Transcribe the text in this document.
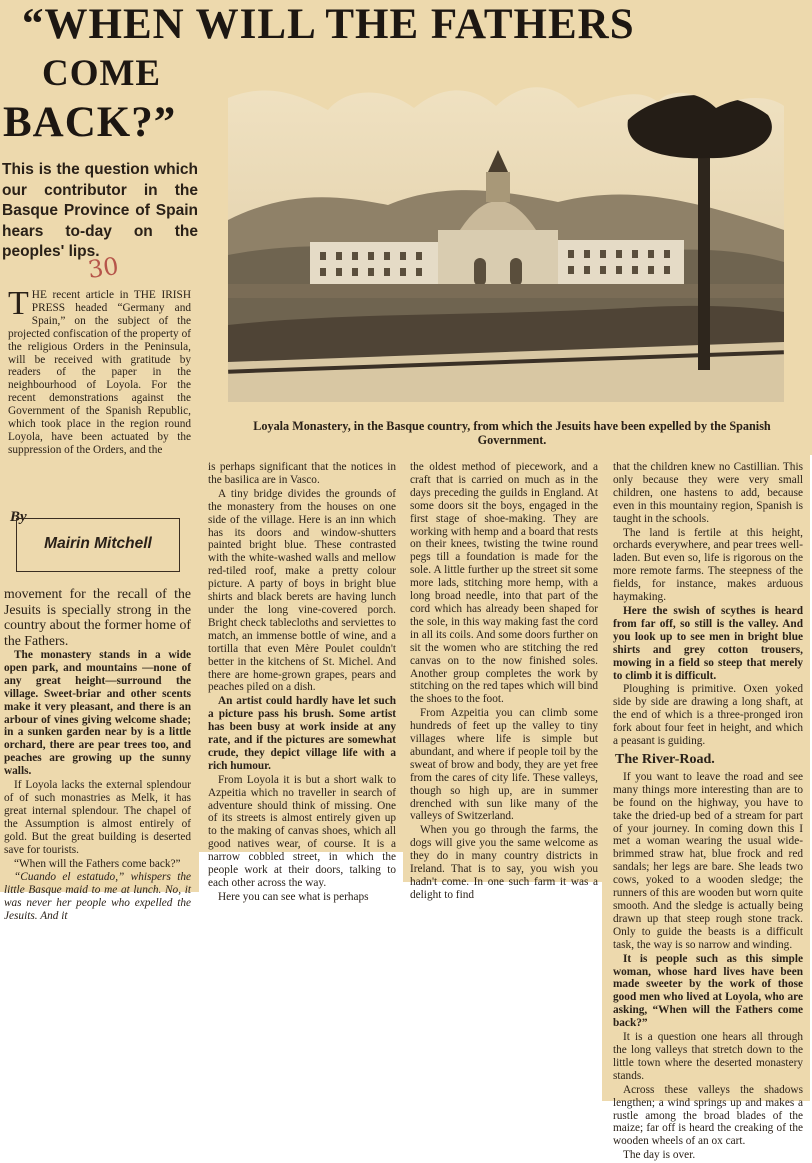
“WHEN WILL THE FATHERS
COME
BACK?”
This is the question which our contributor in the Basque Province of Spain hears to-day on the peoples' lips.
30
Loyala Monastery, in the Basque country, from which the Jesuits have been expelled by the Spanish Government.

THE recent article in THE IRISH PRESS headed “Germany and Spain,” on the subject of the projected confiscation of the property of the religious Orders in the Peninsula, will be received with gratitude by readers of the paper in the neighbourhood of Loyola. For the recent demonstrations against the Government of the Spanish Republic, which took place in the region round Loyola, have been actuated by the suppression of the Orders, and the

By
Mairin Mitchell

movement for the recall of the Jesuits is specially strong in the country about the former home of the Fathers.

The monastery stands in a wide open park, and mountains —none of any great height—surround the village. Sweet-briar and other scents make it very pleasant, and there is an arbour of vines giving welcome shade; in a sunken garden near by is a little orchard, there are pear trees too, and peaches are growing up the sunny walls.

If Loyola lacks the external splendour of of such monastries as Melk, it has great internal splendour. The chapel of the Assumption is almost entirely of gold. But the great building is deserted save for tourists.

“When will the Fathers come back?”

“Cuando el estatudo,” whispers the little Basque maid to me at lunch. No, it was never her people who expelled the Jesuits. And it

is perhaps significant that the notices in the basilica are in Vasco.

A tiny bridge divides the grounds of the monastery from the houses on one side of the village. Here is an inn which has its doors and window-shutters painted bright blue. These contrasted with the white-washed walls and mellow red-tiled roof, make a pretty colour picture. A party of boys in bright blue shirts and black berets are having lunch under the long vine-covered porch. Bright check tablecloths and serviettes to match, an immense bottle of wine, and a tortilla that even Mère Poulet couldn't better in the kitchens of St. Michel. And there are home-grown grapes, pears and peaches piled on a dish.

An artist could hardly have let such a picture pass his brush. Some artist has been busy at work inside at any rate, and if the pictures are somewhat crude, they depict village life with a rich humour.

From Loyola it is but a short walk to Azpeitia which no traveller in search of adventure should think of missing. One of its streets is almost entirely given up to the making of canvas shoes, which all good natives wear, of course. It is a narrow cobbled street, in which the people work at their doors, talking to each other across the way.

Here you can see what is perhaps

the oldest method of piecework, and a craft that is carried on much as in the days preceding the guilds in England. At some doors sit the boys, engaged in the first stage of shoe-making. They are working with hemp and a board that rests on their knees, twisting the twine round pegs till a foundation is made for the sole. A little further up the street sit some more lads, stitching more hemp, with a long broad needle, into that part of the cord which has already been shaped for the sole, in this way making fast the cord in all its coils. And some doors further on sit the women who are stitching the red canvas on to the now finished soles. Another group completes the work by stitching on the red tapes which will bind the shoes to the foot.

From Azpeitia you can climb some hundreds of feet up the valley to tiny villages where life is simple but abundant, and where if people toil by the sweat of brow and body, they are yet free from the cares of city life. These valleys, though so high up, are in summer drenched with sun like many of the valleys of Switzerland.

When you go through the farms, the dogs will give you the same welcome as they do in many country districts in Ireland. That is to say, you wish you hadn't come. In one such farm it was a delight to find

that the children knew no Castillian. This only because they were very small children, one hastens to add, because even in this mountainy region, Spanish is taught in the schools.

The land is fertile at this height, orchards everywhere, and pear trees well-laden. But even so, life is rigorous on the more remote farms. The steepness of the fields, for instance, makes arduous haymaking.

Here the swish of scythes is heard from far off, so still is the valley. And you look up to see men in bright blue shirts and grey cotton trousers, mowing in a field so steep that merely to climb it is difficult.

Ploughing is primitive. Oxen yoked side by side are drawing a long shaft, at the end of which is a three-pronged iron fork about four feet in height, and which a peasant is guiding.

The River-Road.

If you want to leave the road and see many things more interesting than are to be found on the highway, you have to take the dried-up bed of a stream for part of your journey. In coming down this I met a woman wearing the usual wide-brimmed straw hat, blue frock and red sandals; her legs are bare. She leads two cows, yoked to a wooden sledge; the runners of this are wooden but worn quite smooth. And the sledge is actually being drawn up that steep rough stone track. Only to guide the beasts is a difficult task, the way is so narrow and winding.

It is people such as this simple woman, whose hard lives have been made sweeter by the work of those good men who lived at Loyola, who are asking, “When will the Fathers come back?”

It is a question one hears all through the long valleys that stretch down to the little town where the deserted monastery stands.

Across these valleys the shadows lengthen; a wind springs up and makes a rustle among the broad blades of the maize; far off is heard the creaking of the wooden wheels of an ox cart.

The day is over.
